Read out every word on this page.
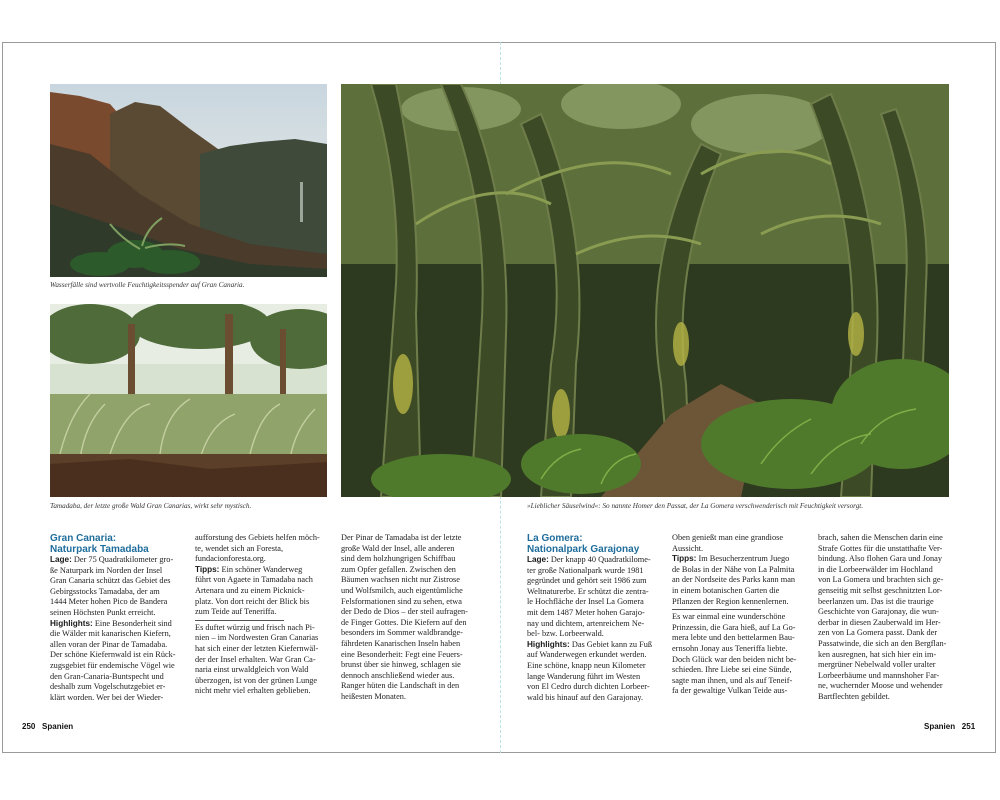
Wasserfälle sind wertvolle Feuchtigkeitsspender auf Gran Canaria.
Tamadaba, der letzte große Wald Gran Canarias, wirkt sehr mystisch.	»Lieblicher Säuselwind«: So nannte Homer den Passat, der La Gomera verschwenderisch mit Feuchtigkeit versorgt.
Gran Canaria:
Naturpark Tamadaba

Lage: Der 75 Quadratkilometer gro-

ße Naturpark im Norden der Insel

Gran Canaria schützt das Gebiet des

Gebirgsstocks Tamadaba, der am

1444 Meter hohen Pico de Bandera

seinen Höchsten Punkt erreicht.

Highlights: Eine Besonderheit sind

die Wälder mit kanarischen Kiefern,

allen voran der Pinar de Tamadaba.

Der schöne Kiefernwald ist ein Rück-

zugsgebiet für endemische Vögel wie

den Gran-Canaria-Buntspecht und

deshalb zum Vogelschutzgebiet er-

klärt worden. Wer bei der Wieder-

aufforstung des Gebiets helfen möch-

te, wendet sich an Foresta,

fundacionforesta.org.

Tipps: Ein schöner Wanderweg

führt von Agaete in Tamadaba nach

Artenara und zu einem Picknick-

platz. Von dort reicht der Blick bis

zum Teide auf Teneriffa.

Es duftet würzig und frisch nach Pi-

nien – im Nordwesten Gran Canarias

hat sich einer der letzten Kiefernwäl-

der der Insel erhalten. War Gran Ca-

naria einst urwaldgleich von Wald

überzogen, ist von der grünen Lunge

nicht mehr viel erhalten geblieben.

Der Pinar de Tamadaba ist der letzte

große Wald der Insel, alle anderen

sind dem holzhungrigen Schiffbau

zum Opfer gefallen. Zwischen den

Bäumen wachsen nicht nur Zistrose

und Wolfsmilch, auch eigentümliche

Felsformationen sind zu sehen, etwa

der Dedo de Dios – der steil aufragen-

de Finger Gottes. Die Kiefern auf den

besonders im Sommer waldbrandge-

fährdeten Kanarischen Inseln haben

eine Besonderheit: Fegt eine Feuers-

brunst über sie hinweg, schlagen sie

dennoch anschließend wieder aus.

Ranger hüten die Landschaft in den

heißesten Monaten.

La Gomera:
Nationalpark Garajonay

Lage: Der knapp 40 Quadratkilome-

ter große Nationalpark wurde 1981

gegründet und gehört seit 1986 zum

Weltnaturerbe. Er schützt die zentra-

le Hochfläche der Insel La Gomera

mit dem 1487 Meter hohen Garajo-

nay und dichtem, artenreichem Ne-

bel- bzw. Lorbeerwald.

Highlights: Das Gebiet kann zu Fuß

auf Wanderwegen erkundet werden.

Eine schöne, knapp neun Kilometer

lange Wanderung führt im Westen

von El Cedro durch dichten Lorbeer-

wald bis hinauf auf den Garajonay.

Oben genießt man eine grandiose

Aussicht.

Tipps: Im Besucherzentrum Juego

de Bolas in der Nähe von La Palmita

an der Nordseite des Parks kann man

in einem botanischen Garten die

Pflanzen der Region kennenlernen.

Es war einmal eine wunderschöne

Prinzessin, die Gara hieß, auf La Go-

mera lebte und den bettelarmen Bau-

ernsohn Jonay aus Teneriffa liebte.

Doch Glück war den beiden nicht be-

schieden. Ihre Liebe sei eine Sünde,

sagte man ihnen, und als auf Teneif-

fa der gewaltige Vulkan Teide aus-

brach, sahen die Menschen darin eine

Strafe Gottes für die unstatthafte Ver-

bindung. Also flohen Gara und Jonay

in die Lorbeerwälder im Hochland

von La Gomera und brachten sich ge-

genseitig mit selbst geschnitzten Lor-

beerlanzen um. Das ist die traurige

Geschichte von Garajonay, die wun-

derbar in diesen Zauberwald im Her-

zen von La Gomera passt. Dank der

Passatwinde, die sich an den Bergflan-

ken ausregnen, hat sich hier ein im-

mergrüner Nebelwald voller uralter

Lorbeerbäume und mannshoher Far-

ne, wuchernder Moose und wehender

Bartflechten gebildet.

250 Spanien	Spanien 251
